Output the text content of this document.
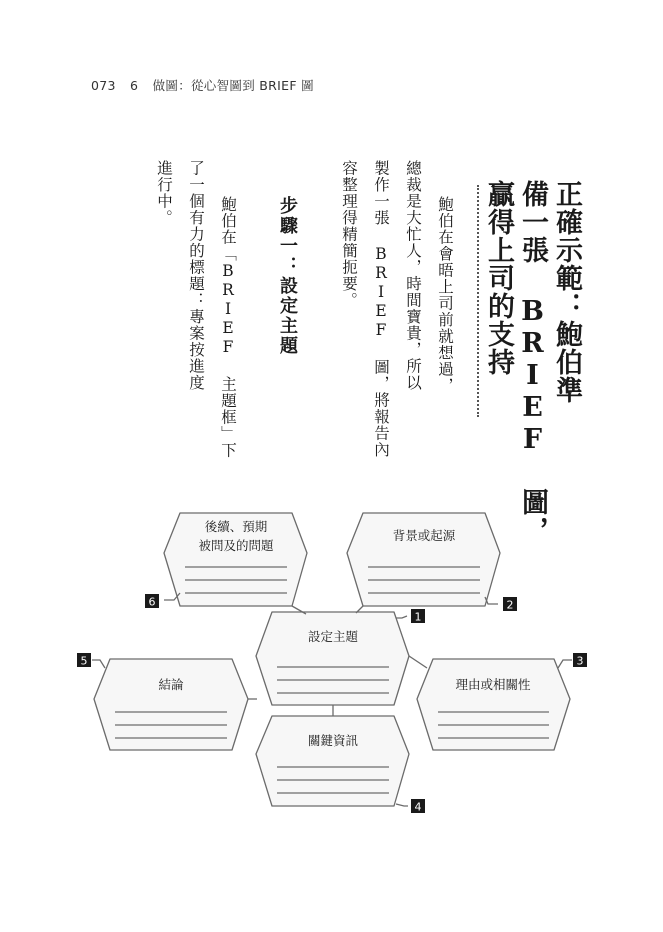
073 6 做圖：從心智圖到 BRIEF 圖
正確示範：鮑伯準
備一張 BRIEF 圖，
贏得上司的支持
鮑伯在會晤上司前就想過，
總裁是大忙人，時間寶貴，所以
製作一張 BRIEF 圖，將報告內
容整理得精簡扼要。
步驟一：設定主題
鮑伯在「BRIEF 主題框」下
了一個有力的標題：專案按進度
進行中。
6	2
1
5	3
4
後續、預期
被問及的問題
背景或起源
設定主題
結論	理由或相關性
關鍵資訊
